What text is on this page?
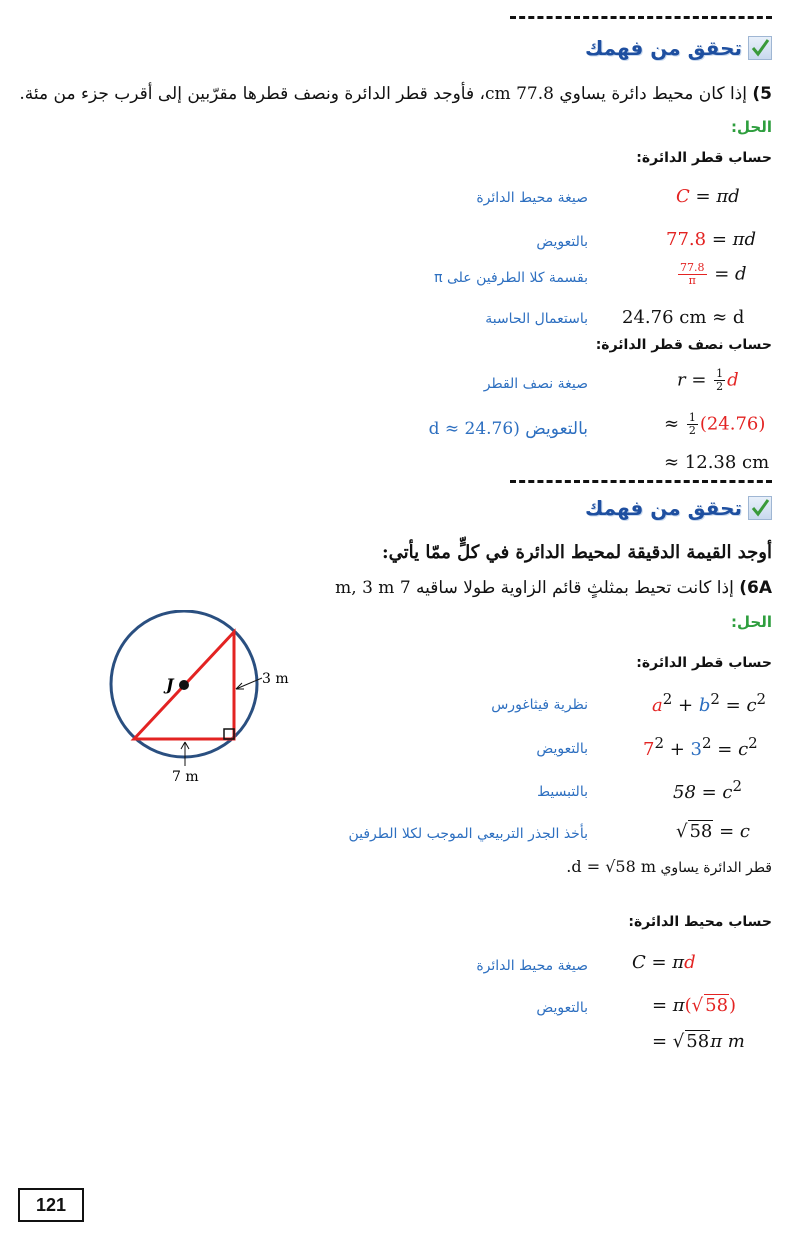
تحقق من فهمك
5) إذا كان محيط دائرة يساوي 77.8 cm، فأوجد قطر الدائرة ونصف قطرها مقرّبين إلى أقرب جزء من مئة.
الحل:
حساب قطر الدائرة:
صيغة محيط الدائرة	C = πd
بالتعويض	77.8 = πd
بقسمة كلا الطرفين على π	$\frac{77.8}{\pi} = d$
باستعمال الحاسبة 24.76 cm ≈ d
حساب نصف قطر الدائرة:
صيغة نصف القطر	$r = \frac{1}{2}$ d
بالتعويض (d ≈ 24.76	≈ $\frac{1}{2} (24.76)$
≈ 12.38 cm
تحقق من فهمك
أوجد القيمة الدقيقة لمحيط الدائرة في كلٍّ ممّا يأتي:
6A) إذا كانت تحيط بمثلثٍ قائم الزاوية طولا ساقيه 7 m, 3 m
الحل:
J	3 m
7 m
حساب قطر الدائرة:
نظرية فيثاغورس	$a^2 + b^2 = c^2$
بالتعويض	$7^2 + 3^2 = c^2$
بالتبسيط	$58 = c^2$
بأخذ الجذر التربيعي الموجب لكلا الطرفين	√ 58 = c
قطر الدائرة يساوي .d = √58 m
حساب محيط الدائرة:
صيغة محيط الدائرة C = πd
بالتعويض	= π(√ 58)
= √ 58π m
121
